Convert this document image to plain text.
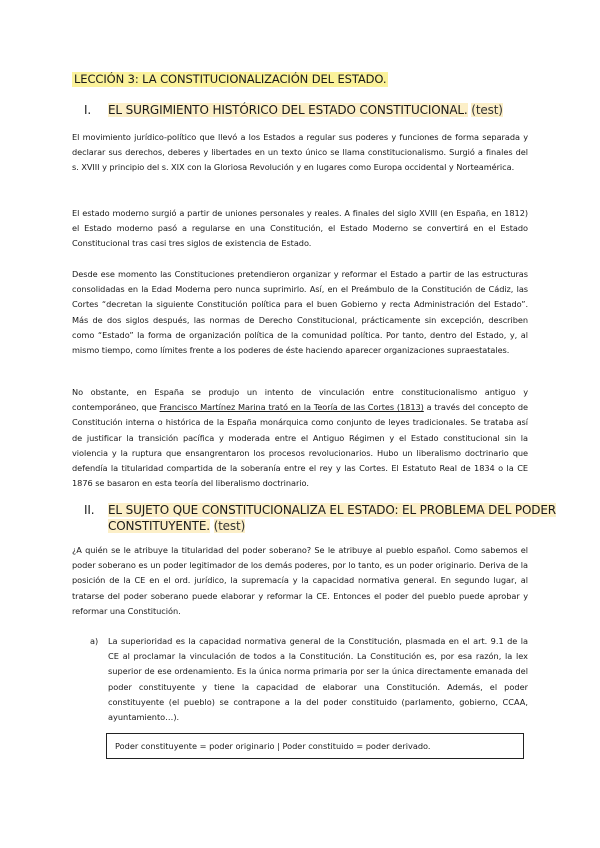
LECCIÓN 3: LA CONSTITUCIONALIZACIÓN DEL ESTADO.
I. EL SURGIMIENTO HISTÓRICO DEL ESTADO CONSTITUCIONAL. (test)
El movimiento jurídico-político que llevó a los Estados a regular sus poderes y funciones de forma separada y declarar sus derechos, deberes y libertades en un texto único se llama constitucionalismo. Surgió a finales del s. XVIII y principio del s. XIX con la Gloriosa Revolución y en lugares como Europa occidental y Norteamérica.
El estado moderno surgió a partir de uniones personales y reales. A finales del siglo XVIII (en España, en 1812) el Estado moderno pasó a regularse en una Constitución, el Estado Moderno se convertirá en el Estado Constitucional tras casi tres siglos de existencia de Estado.
Desde ese momento las Constituciones pretendieron organizar y reformar el Estado a partir de las estructuras consolidadas en la Edad Moderna pero nunca suprimirlo. Así, en el Preámbulo de la Constitución de Cádiz, las Cortes “decretan la siguiente Constitución política para el buen Gobierno y recta Administración del Estado”. Más de dos siglos después, las normas de Derecho Constitucional, prácticamente sin excepción, describen como “Estado” la forma de organización política de la comunidad política. Por tanto, dentro del Estado, y, al mismo tiempo, como límites frente a los poderes de éste haciendo aparecer organizaciones supraestatales.
No obstante, en España se produjo un intento de vinculación entre constitucionalismo antiguo y contemporáneo, que Francisco Martínez Marina trató en la Teoría de las Cortes (1813) a través del concepto de Constitución interna o histórica de la España monárquica como conjunto de leyes tradicionales. Se trataba así de justificar la transición pacífica y moderada entre el Antiguo Régimen y el Estado constitucional sin la violencia y la ruptura que ensangrentaron los procesos revolucionarios. Hubo un liberalismo doctrinario que defendía la titularidad compartida de la soberanía entre el rey y las Cortes. El Estatuto Real de 1834 o la CE 1876 se basaron en esta teoría del liberalismo doctrinario.
II. EL SUJETO QUE CONSTITUCIONALIZA EL ESTADO: EL PROBLEMA DEL PODER
CONSTITUYENTE. (test)
¿A quién se le atribuye la titularidad del poder soberano? Se le atribuye al pueblo español. Como sabemos el poder soberano es un poder legitimador de los demás poderes, por lo tanto, es un poder originario. Deriva de la posición de la CE en el ord. jurídico, la supremacía y la capacidad normativa general. En segundo lugar, al tratarse del poder soberano puede elaborar y reformar la CE. Entonces el poder del pueblo puede aprobar y reformar una Constitución.
a) La superioridad es la capacidad normativa general de la Constitución, plasmada en el art. 9.1 de la CE al proclamar la vinculación de todos a la Constitución. La Constitución es, por esa razón, la lex superior de ese ordenamiento. Es la única norma primaria por ser la única directamente emanada del poder constituyente y tiene la capacidad de elaborar una Constitución. Además, el poder constituyente (el pueblo) se contrapone a la del poder constituido (parlamento, gobierno, CCAA, ayuntamiento…).
Poder constituyente = poder originario | Poder constituido = poder derivado.
